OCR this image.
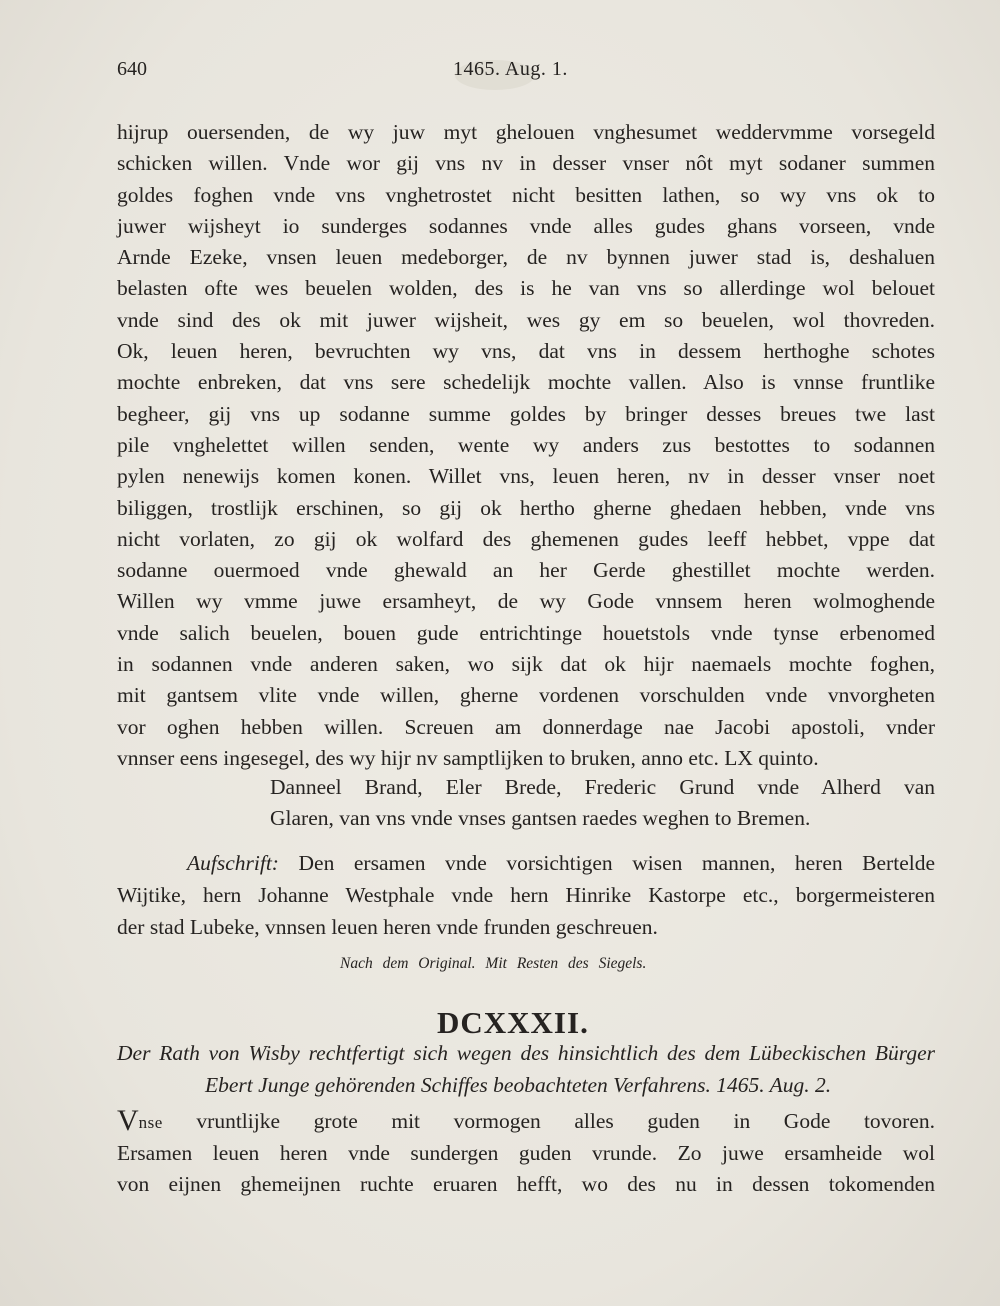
640	1465. Aug. 1.
hijrup ouersenden, de wy juw myt ghelouen vnghesumet weddervmme vorsegeld
schicken willen. Vnde wor gij vns nv in desser vnser nôt myt sodaner summen
goldes foghen vnde vns vnghetrostet nicht besitten lathen, so wy vns ok to
juwer wijsheyt io sunderges sodannes vnde alles gudes ghans vorseen, vnde
Arnde Ezeke, vnsen leuen medeborger, de nv bynnen juwer stad is, deshaluen
belasten ofte wes beuelen wolden, des is he van vns so allerdinge wol belouet
vnde sind des ok mit juwer wijsheit, wes gy em so beuelen, wol thovreden.
Ok, leuen heren, bevruchten wy vns, dat vns in dessem herthoghe schotes
mochte enbreken, dat vns sere schedelijk mochte vallen. Also is vnnse fruntlike
begheer, gij vns up sodanne summe goldes by bringer desses breues twe last
pile vnghelettet willen senden, wente wy anders zus bestottes to sodannen
pylen nenewijs komen konen. Willet vns, leuen heren, nv in desser vnser noet
biliggen, trostlijk erschinen, so gij ok hertho gherne ghedaen hebben, vnde vns
nicht vorlaten, zo gij ok wolfard des ghemenen gudes leeff hebbet, vppe dat
sodanne ouermoed vnde ghewald an her Gerde ghestillet mochte werden.
Willen wy vmme juwe ersamheyt, de wy Gode vnnsem heren wolmoghende
vnde salich beuelen, bouen gude entrichtinge houetstols vnde tynse erbenomed
in sodannen vnde anderen saken, wo sijk dat ok hijr naemaels mochte foghen,
mit gantsem vlite vnde willen, gherne vordenen vorschulden vnde vnvorgheten
vor oghen hebben willen. Screuen am donnerdage nae Jacobi apostoli, vnder
vnnser eens ingesegel, des wy hijr nv samptlijken to bruken, anno etc. LX quinto.
Danneel Brand, Eler Brede, Frederic Grund vnde Alherd van
Glaren, van vns vnde vnses gantsen raedes weghen to Bremen.
Aufschrift: Den ersamen vnde vorsichtigen wisen mannen, heren Bertelde
Wijtike, hern Johanne Westphale vnde hern Hinrike Kastorpe etc., borgermeisteren
der stad Lubeke, vnnsen leuen heren vnde frunden geschreuen.
Nach dem Original. Mit Resten des Siegels.
DCXXXII.
Der Rath von Wisby rechtfertigt sich wegen des hinsichtlich des dem Lübeckischen Bürger
Ebert Junge gehörenden Schiffes beobachteten Verfahrens. 1465. Aug. 2.
Vnse vruntlijke grote mit vormogen alles guden in Gode tovoren.
Ersamen leuen heren vnde sundergen guden vrunde. Zo juwe ersamheide wol
von eijnen ghemeijnen ruchte eruaren hefft, wo des nu in dessen tokomenden
